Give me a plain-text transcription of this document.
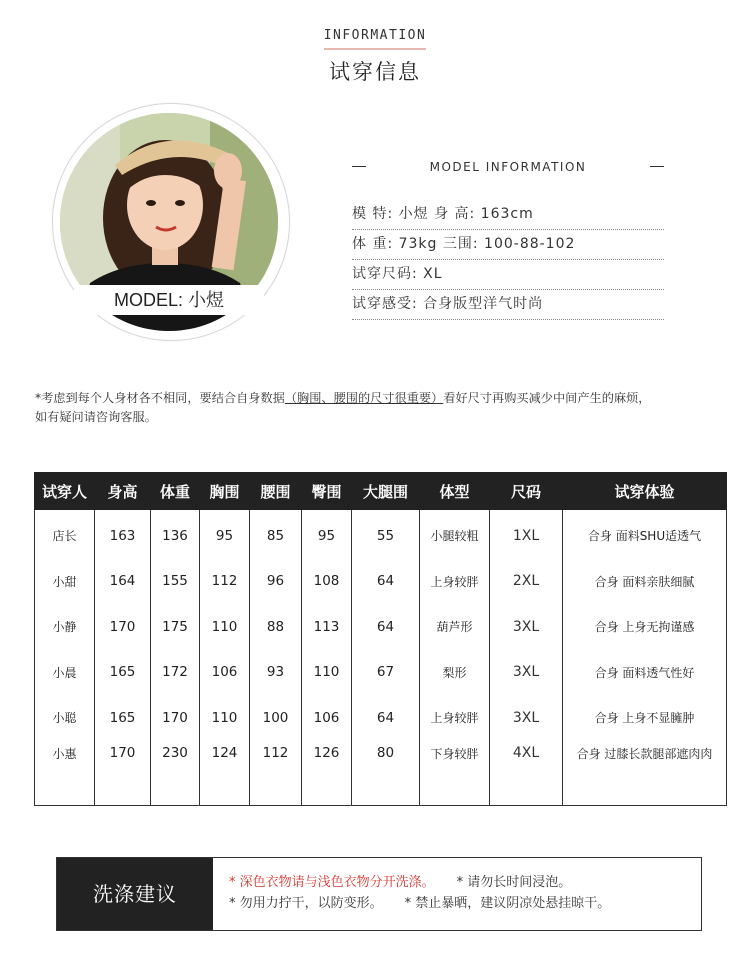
INFORMATION
试穿信息
MODEL: 小煜
MODEL INFORMATION
模 特: 小煜 身 高: 163cm
体 重: 73kg 三围: 100-88-102
试穿尺码: XL
试穿感受: 合身版型洋气时尚
*考虑到每个人身材各不相同，要结合自身数据（胸围、腰围的尺寸很重要）看好尺寸再购买减少中间产生的麻烦，
如有疑问请咨询客服。
试穿人	身高	体重	胸围	腰围	臀围	大腿围	体型	尺码	试穿体验
店长	163	136	95	85	95	55	小腿较粗	1XL	合身 面料SHU适透气
小甜	164	155	112	96	108	64	上身较胖	2XL	合身 面料亲肤细腻
小静	170	175	110	88	113	64	葫芦形	3XL	合身 上身无拘谨感
小晨	165	172	106	93	110	67	梨形	3XL	合身 面料透气性好
小聪	165	170	110	100	106	64	上身较胖	3XL	合身 上身不显臃肿
小惠	170	230	124	112	126	80	下身较胖	4XL	合身 过膝长款腿部遮肉肉
洗涤建议	* 深色衣物请与浅色衣物分开洗涤。 * 请勿长时间浸泡。
* 勿用力拧干，以防变形。 * 禁止暴晒，建议阴凉处悬挂晾干。
